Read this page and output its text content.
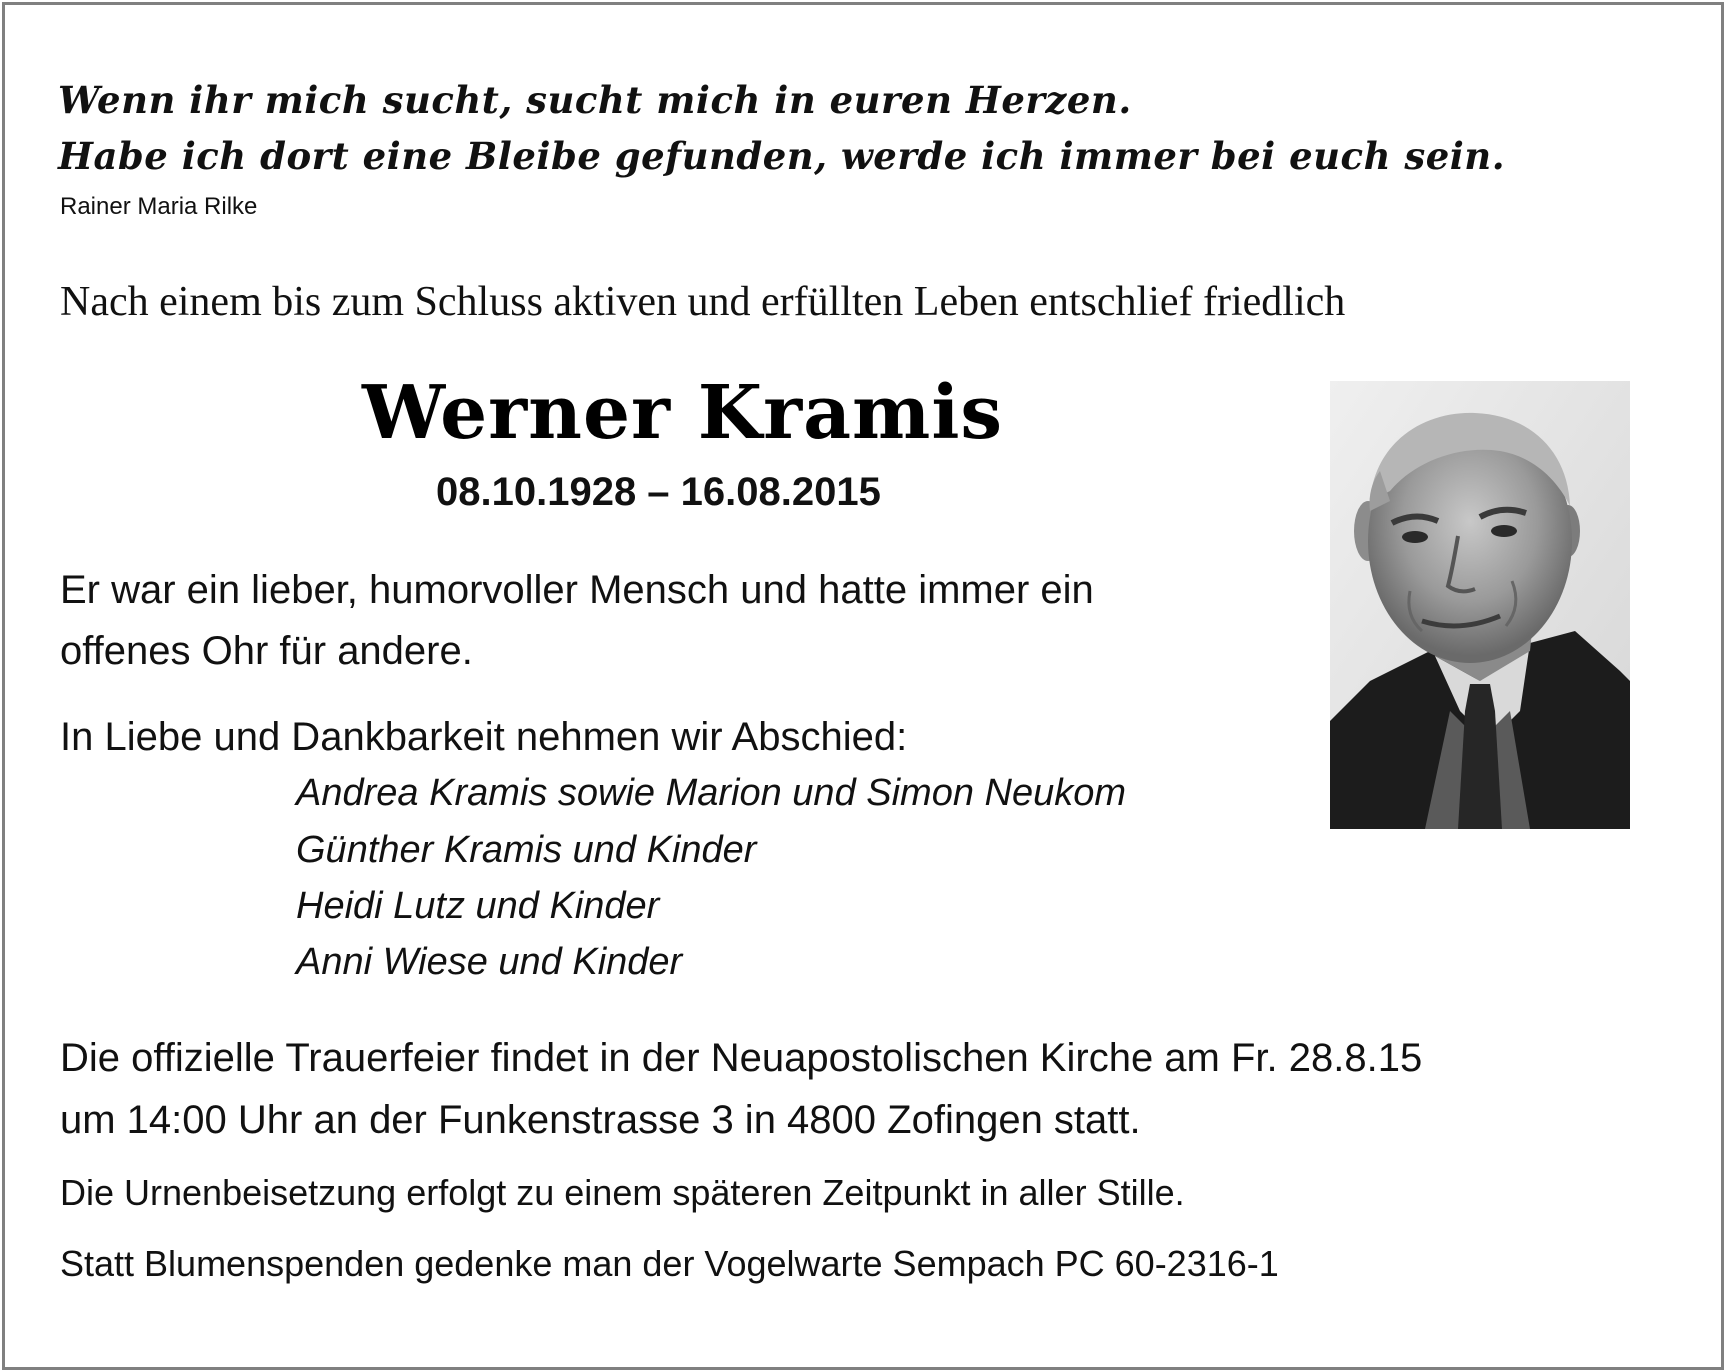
Wenn ihr mich sucht, sucht mich in euren Herzen.
Habe ich dort eine Bleibe gefunden, werde ich immer bei euch sein.
Rainer Maria Rilke
Nach einem bis zum Schluss aktiven und erfüllten Leben entschlief friedlich
Werner Kramis
08.10.1928 – 16.08.2015
Er war ein lieber, humorvoller Mensch und hatte immer ein
offenes Ohr für andere.
In Liebe und Dankbarkeit nehmen wir Abschied:
Andrea Kramis sowie Marion und Simon Neukom
Günther Kramis und Kinder
Heidi Lutz und Kinder
Anni Wiese und Kinder
Die offizielle Trauerfeier findet in der Neuapostolischen Kirche am Fr. 28.8.15
um 14:00 Uhr an der Funkenstrasse 3 in 4800 Zofingen statt.
Die Urnenbeisetzung erfolgt zu einem späteren Zeitpunkt in aller Stille.
Statt Blumenspenden gedenke man der Vogelwarte Sempach PC 60-2316-1
